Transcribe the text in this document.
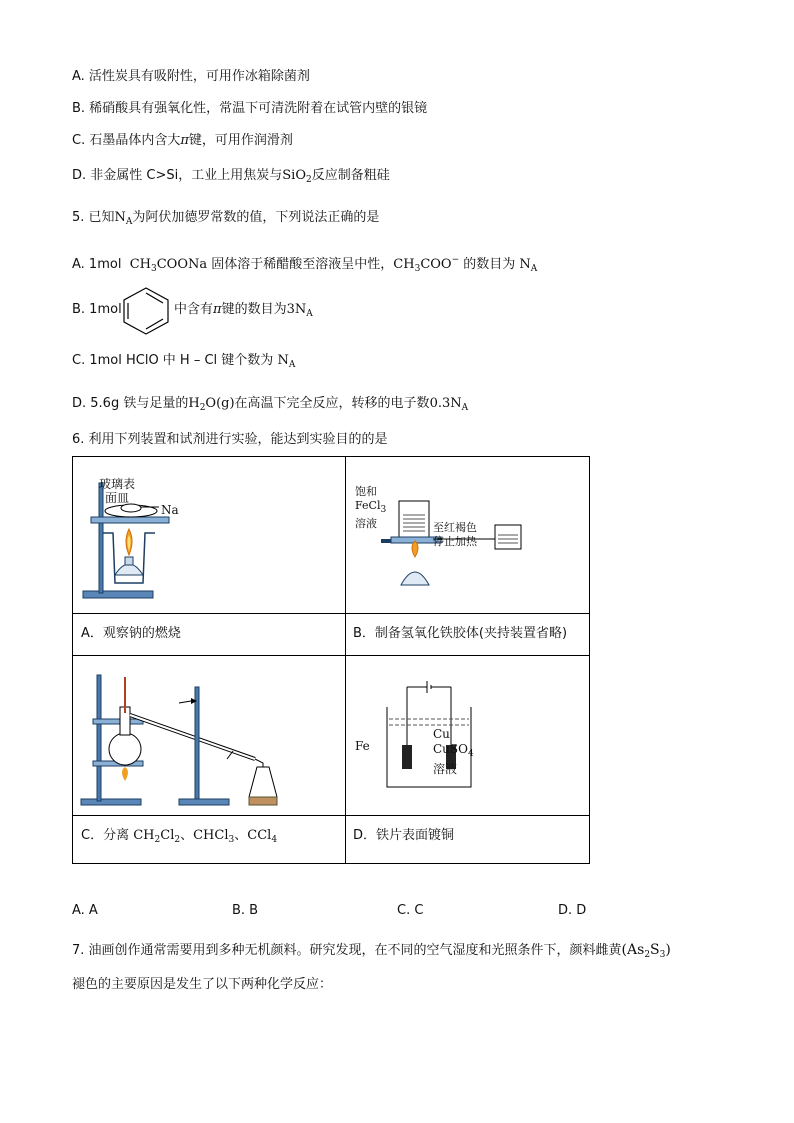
A. 活性炭具有吸附性，可用作冰箱除菌剂
B. 稀硝酸具有强氧化性，常温下可清洗附着在试管内壁的银镜
C. 石墨晶体内含大π键，可用作润滑剂
D. 非金属性 C>Si，工业上用焦炭与SiO$_2$反应制备粗硅
5. 已知$N_A$为阿伏加德罗常数的值，下列说法正确的是
A. 1mol $CH_3COONa$ 固体溶于稀醋酸至溶液呈中性，$CH_3COO^-$ 的数目为 $N_A$
B. 1mol	中含有π键的数目为$3N_A$
C. 1mol HClO 中 H – Cl 键个数为 $N_A$
D. 5.6g 铁与足量的$H_2O(g)$在高温下完全反应，转移的电子数$0.3N_A$
6. 利用下列装置和试剂进行实验，能达到实验目的的是
玻璃表
面皿
Na
饱和
FeCl$_3$
溶液	至红褐色
停止加热
A．观察钠的燃烧	B．制备氢氧化铁胶体(夹持装置省略)
Fe
Cu
CuSO$_4$
溶液
C．分离 $CH_2Cl_2$、CHCl$_3$、CCl$_4$	D．铁片表面镀铜
A. A	B. B	C. C	D. D
7. 油画创作通常需要用到多种无机颜料。研究发现，在不同的空气湿度和光照条件下，颜料雌黄$(As_2S_3)$
褪色的主要原因是发生了以下两种化学反应：
